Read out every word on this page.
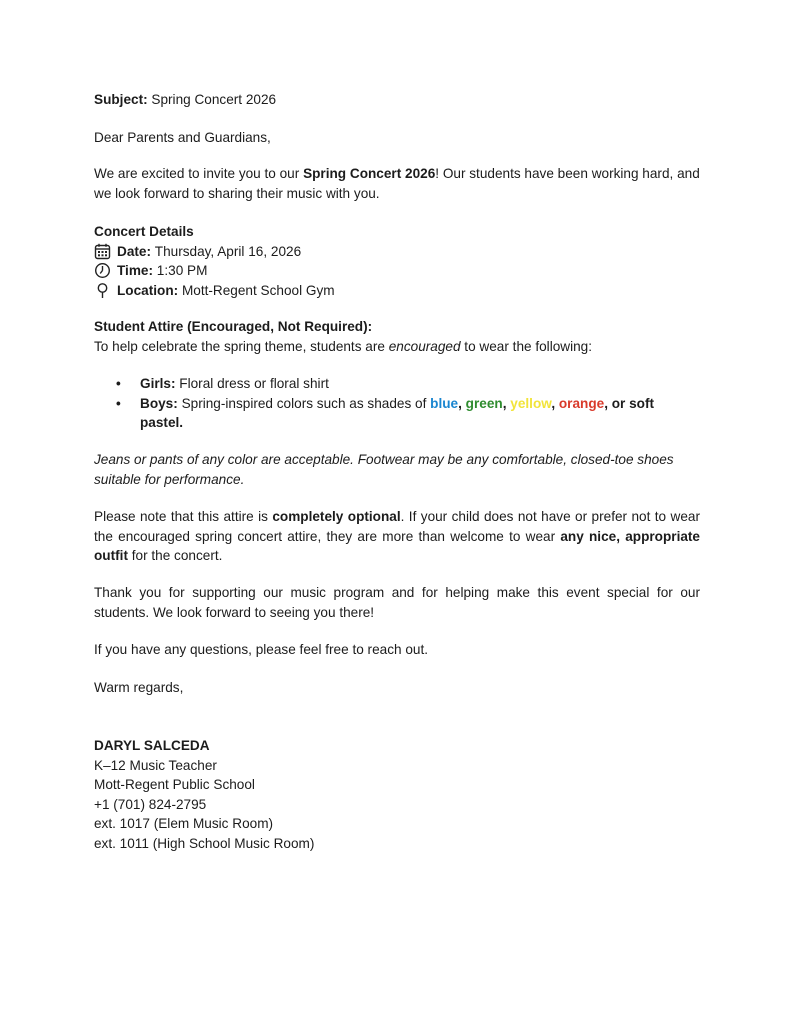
Subject: Spring Concert 2026
Dear Parents and Guardians,
We are excited to invite you to our Spring Concert 2026! Our students have been working hard, and we look forward to sharing their music with you.
Concert Details
Date:
Thursday, April 16, 2026
Time:
1:30 PM
Location:
Mott-Regent School Gym
Student Attire (Encouraged, Not Required):
To help celebrate the spring theme, students are encouraged to wear the following:
• Girls: Floral dress or floral shirt
• Boys: Spring-inspired colors such as shades of blue, green, yellow, orange, or soft pastel.
Jeans or pants of any color are acceptable. Footwear may be any comfortable, closed-toe shoes suitable for performance.
Please note that this attire is completely optional. If your child does not have or prefer not to wear the encouraged spring concert attire, they are more than welcome to wear any nice, appropriate outfit for the concert.
Thank you for supporting our music program and for helping make this event special for our students. We look forward to seeing you there!
If you have any questions, please feel free to reach out.
Warm regards,
DARYL SALCEDA
K–12 Music Teacher
Mott-Regent Public School
+1 (701) 824-2795
ext. 1017 (Elem Music Room)
ext. 1011 (High School Music Room)
